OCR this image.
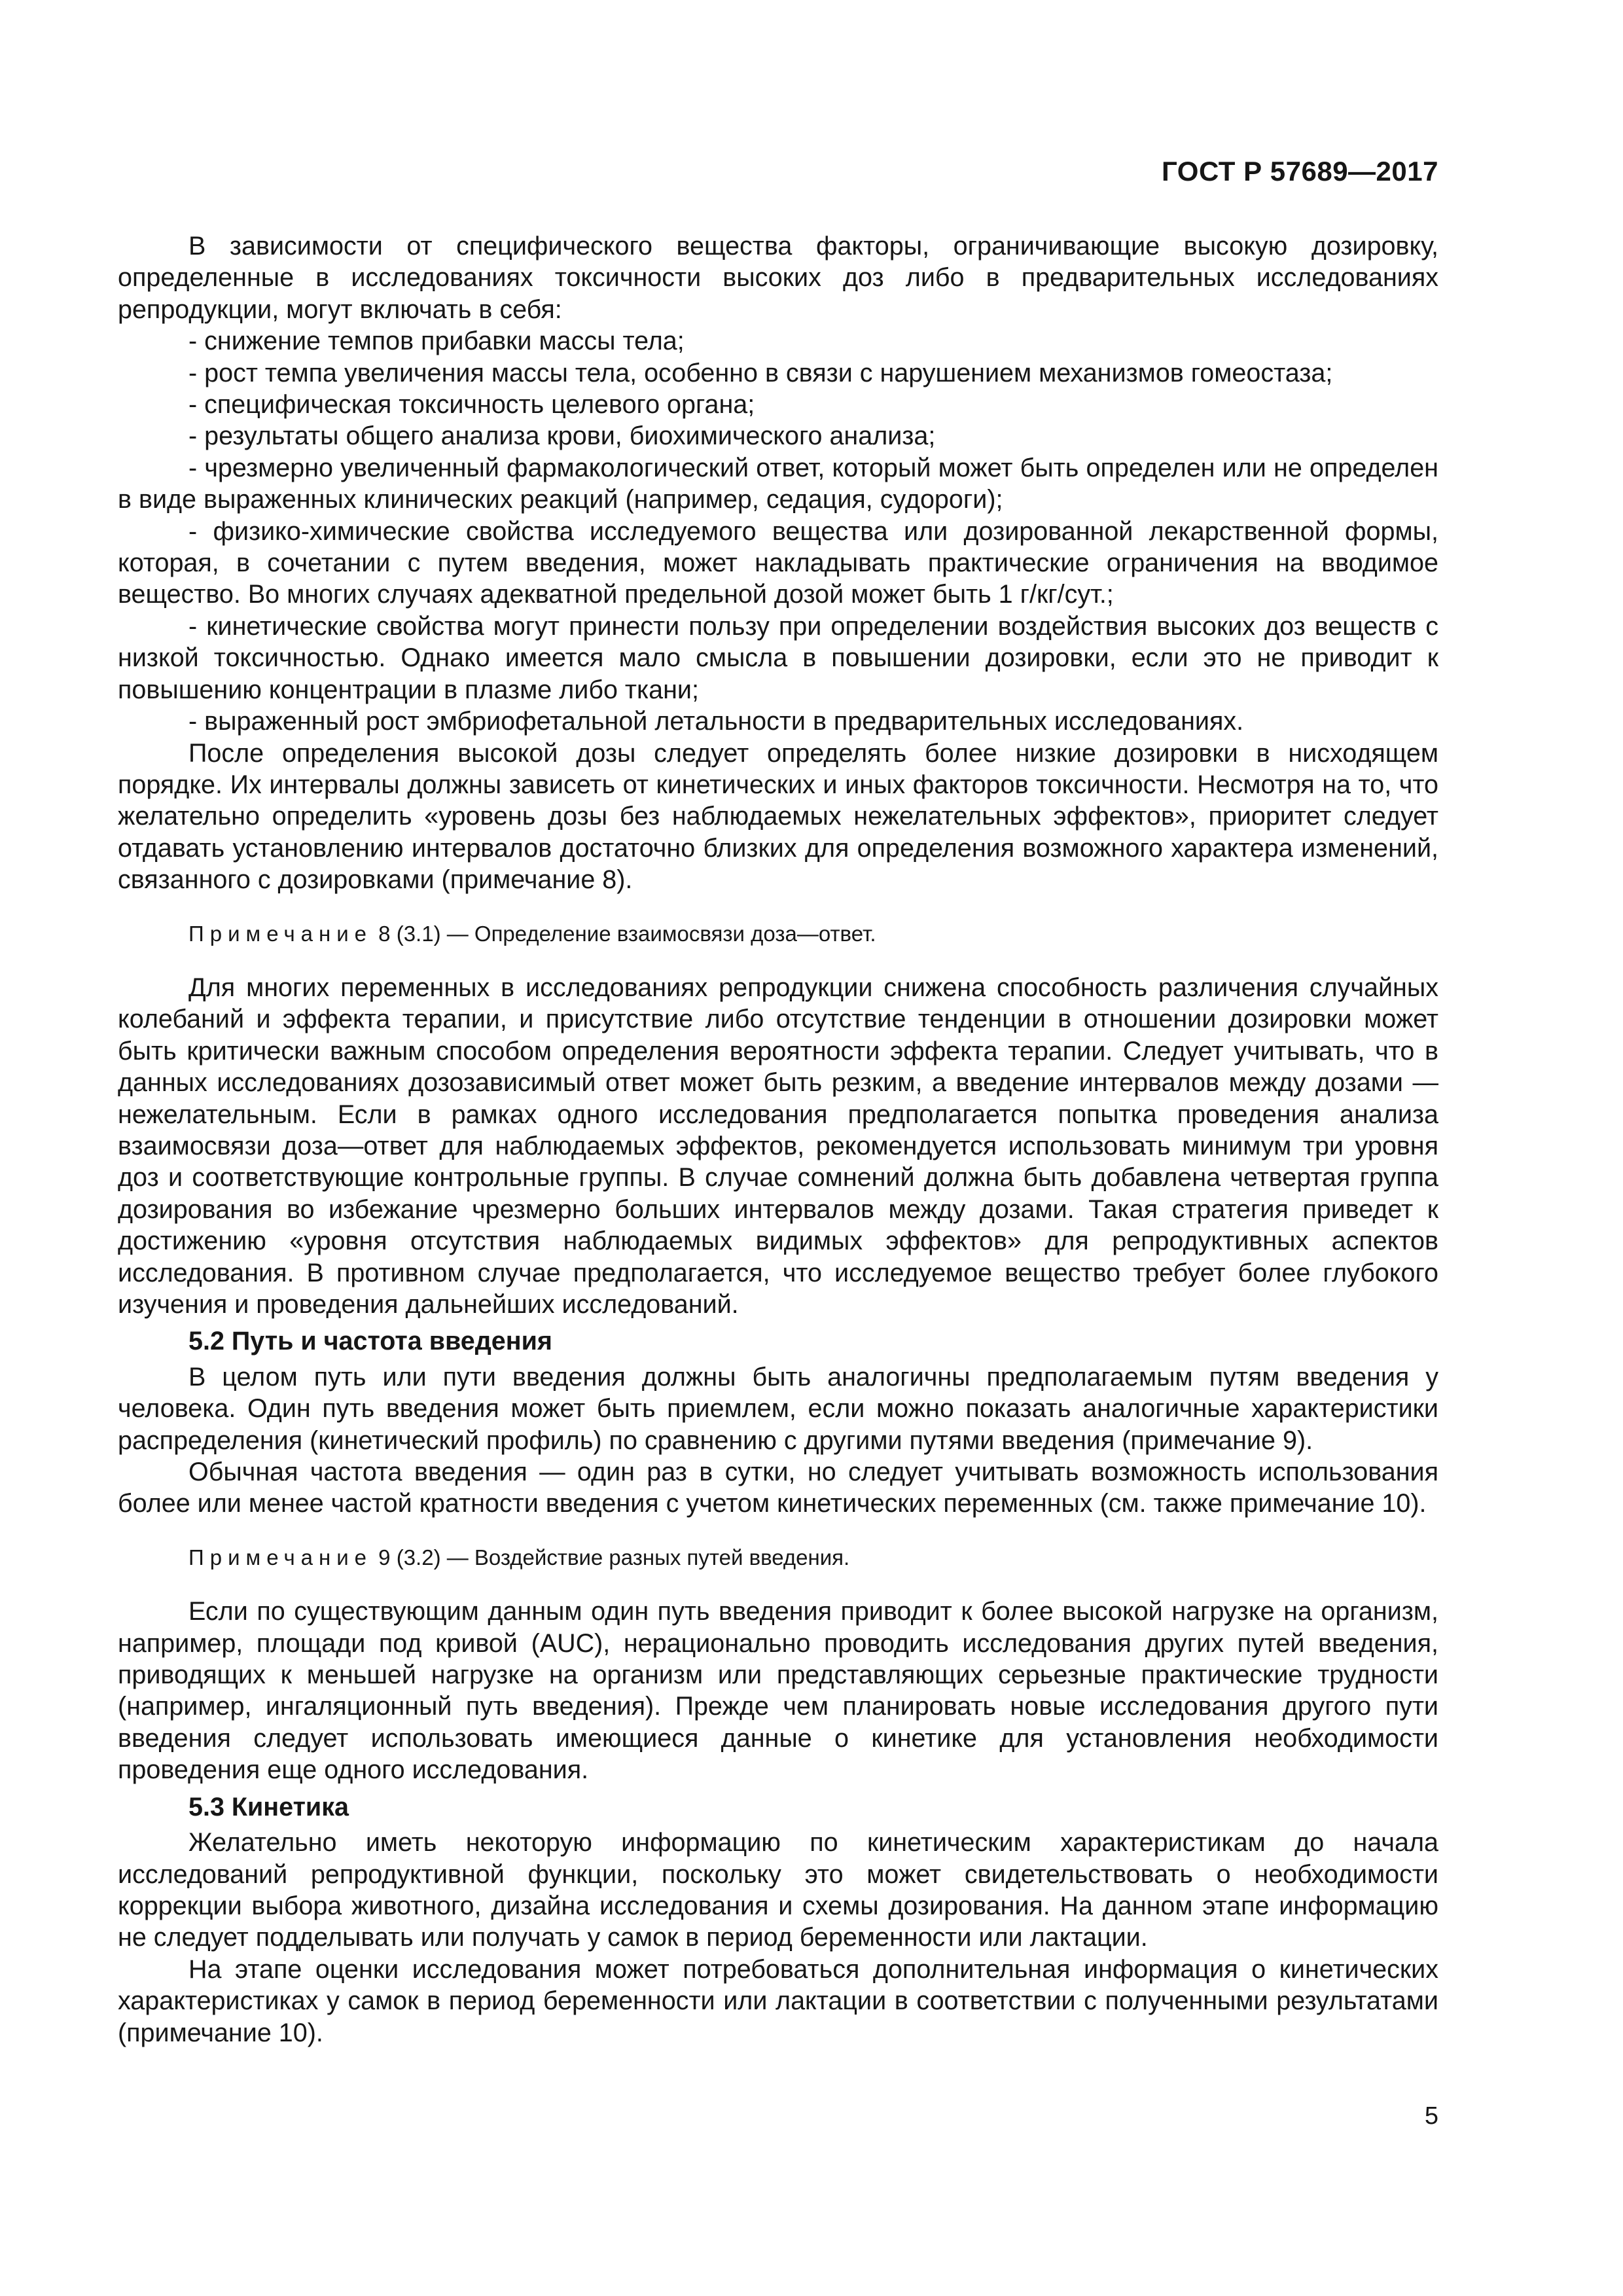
ГОСТ Р 57689—2017

В зависимости от специфического вещества факторы, ограничивающие высокую дозировку, определенные в исследованиях токсичности высоких доз либо в предварительных исследованиях репродукции, могут включать в себя:

- снижение темпов прибавки массы тела;

- рост темпа увеличения массы тела, особенно в связи с нарушением механизмов гомеостаза;

- специфическая токсичность целевого органа;

- результаты общего анализа крови, биохимического анализа;

- чрезмерно увеличенный фармакологический ответ, который может быть определен или не определен в виде выраженных клинических реакций (например, седация, судороги);

- физико-химические свойства исследуемого вещества или дозированной лекарственной формы, которая, в сочетании с путем введения, может накладывать практические ограничения на вводимое вещество. Во многих случаях адекватной предельной дозой может быть 1 г/кг/сут.;

- кинетические свойства могут принести пользу при определении воздействия высоких доз веществ с низкой токсичностью. Однако имеется мало смысла в повышении дозировки, если это не приводит к повышению концентрации в плазме либо ткани;

- выраженный рост эмбриофетальной летальности в предварительных исследованиях.

После определения высокой дозы следует определять более низкие дозировки в нисходящем порядке. Их интервалы должны зависеть от кинетических и иных факторов токсичности. Несмотря на то, что желательно определить «уровень дозы без наблюдаемых нежелательных эффектов», приоритет следует отдавать установлению интервалов достаточно близких для определения возможного характера изменений, связанного с дозировками (примечание 8).

Примечание 8 (3.1) — Определение взаимосвязи доза—ответ.

Для многих переменных в исследованиях репродукции снижена способность различения случайных колебаний и эффекта терапии, и присутствие либо отсутствие тенденции в отношении дозировки может быть критически важным способом определения вероятности эффекта терапии. Следует учитывать, что в данных исследованиях дозозависимый ответ может быть резким, а введение интервалов между дозами — нежелательным. Если в рамках одного исследования предполагается попытка проведения анализа взаимосвязи доза—ответ для наблюдаемых эффектов, рекомендуется использовать минимум три уровня доз и соответствующие контрольные группы. В случае сомнений должна быть добавлена четвертая группа дозирования во избежание чрезмерно больших интервалов между дозами. Такая стратегия приведет к достижению «уровня отсутствия наблюдаемых видимых эффектов» для репродуктивных аспектов исследования. В противном случае предполагается, что исследуемое вещество требует более глубокого изучения и проведения дальнейших исследований.

5.2 Путь и частота введения

В целом путь или пути введения должны быть аналогичны предполагаемым путям введения у человека. Один путь введения может быть приемлем, если можно показать аналогичные характеристики распределения (кинетический профиль) по сравнению с другими путями введения (примечание 9).

Обычная частота введения — один раз в сутки, но следует учитывать возможность использования более или менее частой кратности введения с учетом кинетических переменных (см. также примечание 10).

Примечание 9 (3.2) — Воздействие разных путей введения.

Если по существующим данным один путь введения приводит к более высокой нагрузке на организм, например, площади под кривой (AUC), нерационально проводить исследования других путей введения, приводящих к меньшей нагрузке на организм или представляющих серьезные практические трудности (например, ингаляционный путь введения). Прежде чем планировать новые исследования другого пути введения следует использовать имеющиеся данные о кинетике для установления необходимости проведения еще одного исследования.

5.3 Кинетика

Желательно иметь некоторую информацию по кинетическим характеристикам до начала исследований репродуктивной функции, поскольку это может свидетельствовать о необходимости коррекции выбора животного, дизайна исследования и схемы дозирования. На данном этапе информацию не следует подделывать или получать у самок в период беременности или лактации.

На этапе оценки исследования может потребоваться дополнительная информация о кинетических характеристиках у самок в период беременности или лактации в соответствии с полученными результатами (примечание 10).

5
